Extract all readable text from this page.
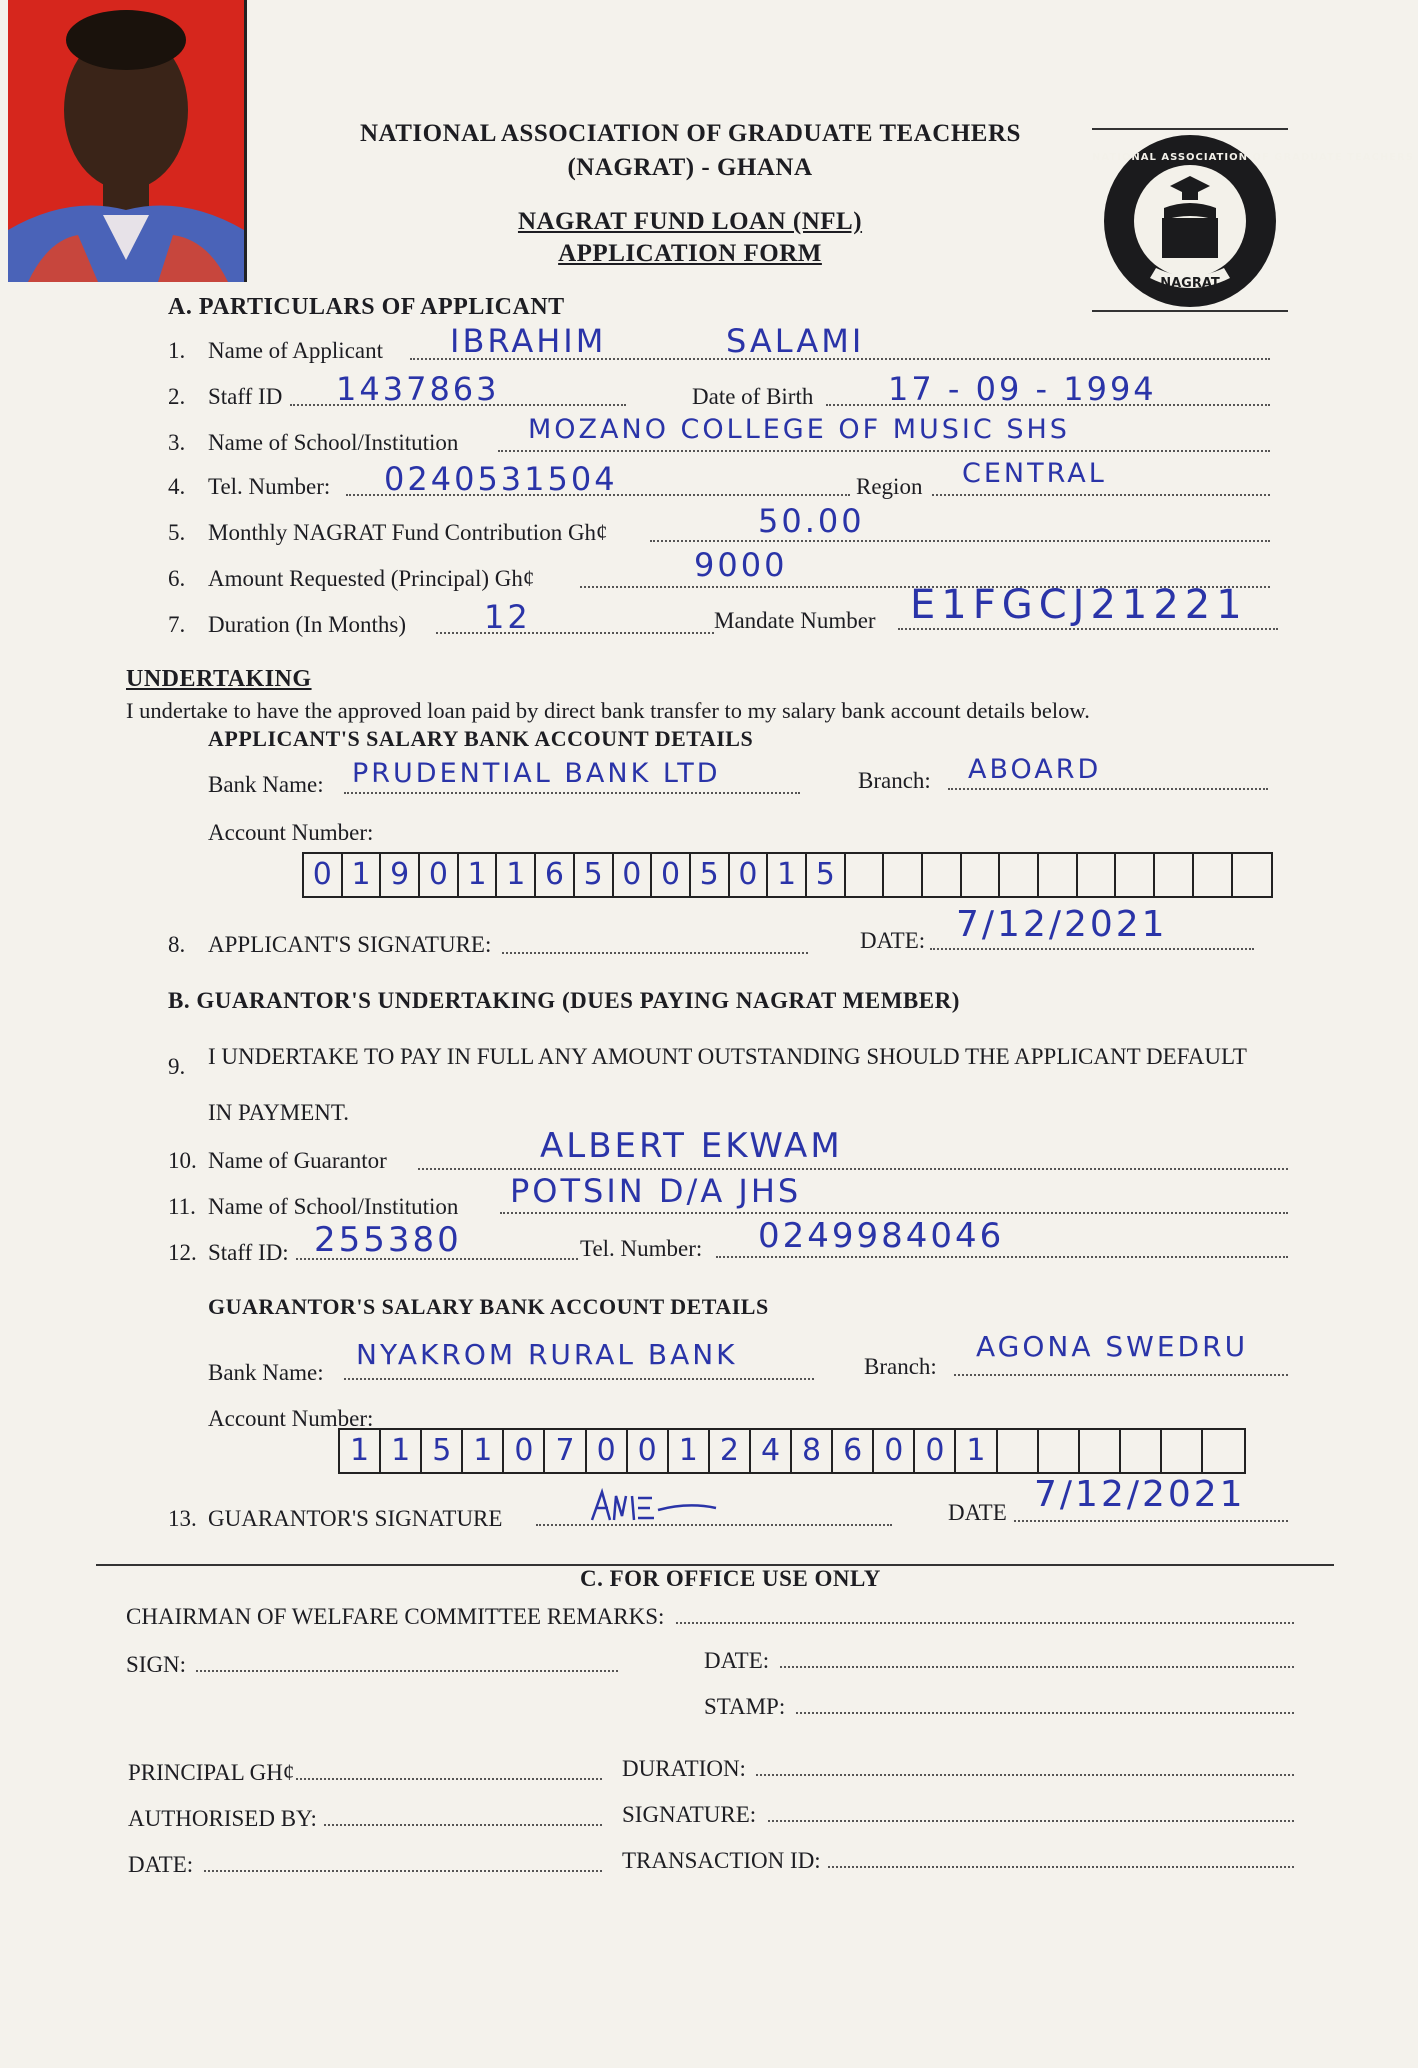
NATIONAL ASSOCIATION OF GRADUATE TEACHERS
(NAGRAT) - GHANA
NAGRAT FUND LOAN (NFL)
APPLICATION FORM
NATIONAL ASSOCIATION OF GRADUATE TEACHERS
NAGRAT
A. PARTICULARS OF APPLICANT
1. Name of Applicant IBRAHIM	SALAMI
2. Staff ID 1437863	Date of Birth 17 - 09 - 1994
3. Name of School/Institution	MOZANO COLLEGE OF MUSIC SHS
4. Tel. Number: 0240531504	Region CENTRAL
5. Monthly NAGRAT Fund Contribution Gh¢	50.00
6. Amount Requested (Principal) Gh¢	9000
7. Duration (In Months) 12	Mandate Number E1FGCJ21221
UNDERTAKING
I undertake to have the approved loan paid by direct bank transfer to my salary bank account details below.
APPLICANT'S SALARY BANK ACCOUNT DETAILS
Bank Name: PRUDENTIAL BANK LTD	Branch: ABOARD
Account Number:
0 1 9 0 1 1 6 5 0 0 5 0 1 5
8. APPLICANT'S SIGNATURE:	DATE: 7/12/2021
B. GUARANTOR'S UNDERTAKING (DUES PAYING NAGRAT MEMBER)
9. I UNDERTAKE TO PAY IN FULL ANY AMOUNT OUTSTANDING SHOULD THE APPLICANT DEFAULT
IN PAYMENT.
10. Name of Guarantor	ALBERT EKWAM
11. Name of School/Institution POTSIN D/A JHS
12. Staff ID: 255380	Tel. Number: 0249984046
GUARANTOR'S SALARY BANK ACCOUNT DETAILS
Bank Name:
NYAKROM RURAL BANK	Branch:
AGONA SWEDRU
Account Number:
1 1 5 1 0 7 0 0 1 2 4 8 6 0 0 1
13. GUARANTOR'S SIGNATURE	DATE 7/12/2021
C. FOR OFFICE USE ONLY
CHAIRMAN OF WELFARE COMMITTEE REMARKS:
SIGN:	DATE:
STAMP:
PRINCIPAL GH¢	DURATION:
AUTHORISED BY:	SIGNATURE:
DATE:	TRANSACTION ID:
